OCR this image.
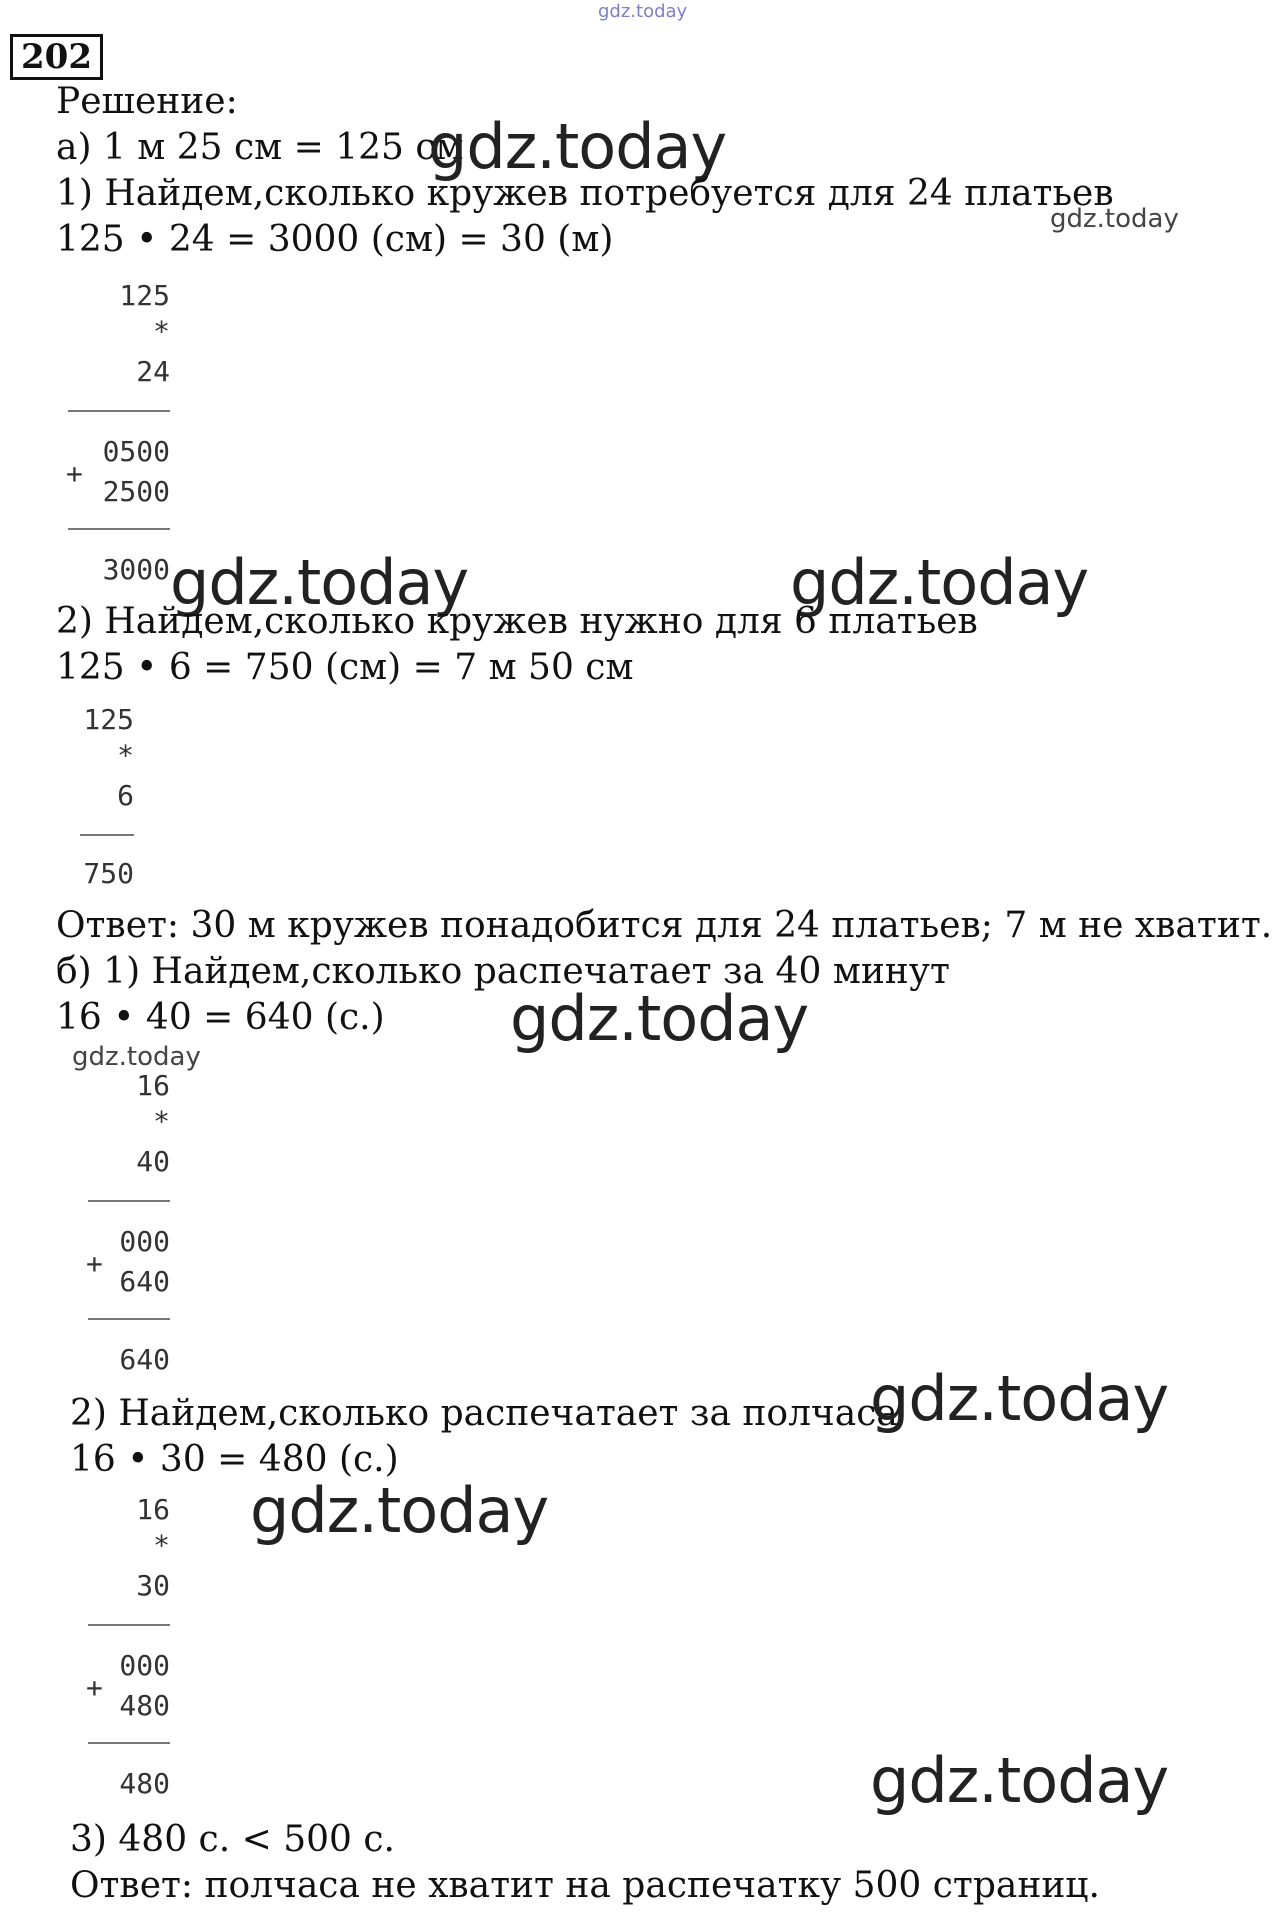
gdz.today
202
Решение:
а) 1 м 25 см = 125 см
gdz.today
1) Найдем,сколько кружев потребуется для 24 платьев
gdz.today
125 • 24 = 3000 (см) = 30 (м)
125
*
24
0500
+
2500
3000 gdz.today	gdz.today
2) Найдем,сколько кружев нужно для 6 платьев
125 • 6 = 750 (см) = 7 м 50 см
125
*
6
750
Ответ: 30 м кружев понадобится для 24 платьев; 7 м не хватит.
б) 1) Найдем,сколько распечатает за 40 минут
16 • 40 = 640 (с.) gdz.today
gdz.today
16
*
40
000
+
640
640
2) Найдем,сколько распечатает за полчаса
gdz.today
16 • 30 = 480 (с.)
16 gdz.today
*
30
000
+
480
480	gdz.today
3) 480 с. < 500 с.
Ответ: полчаса не хватит на распечатку 500 страниц.
